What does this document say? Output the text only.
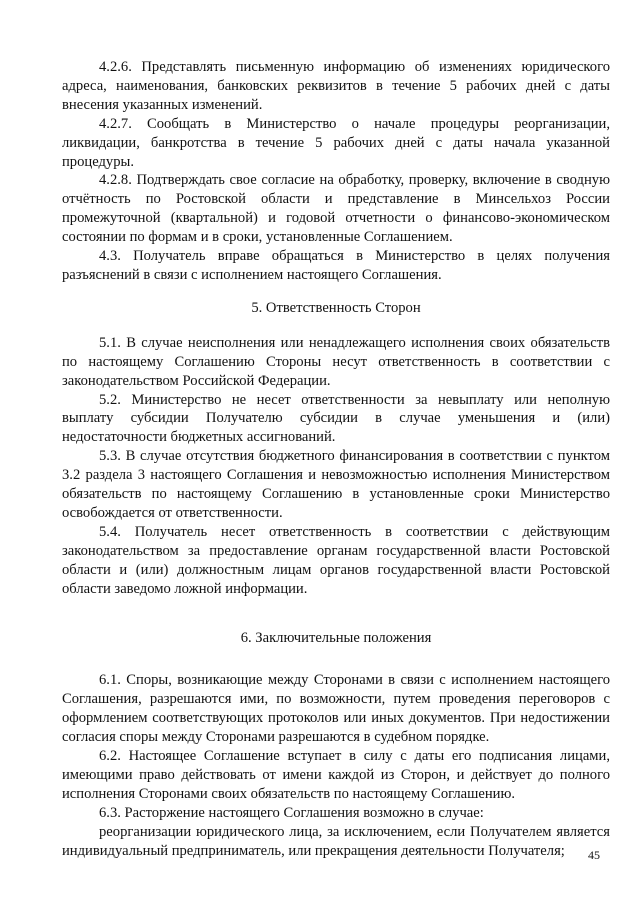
4.2.6. Представлять письменную информацию об изменениях юридического адреса, наименования, банковских реквизитов в течение 5 рабочих дней с даты внесения указанных изменений.

4.2.7. Сообщать в Министерство о начале процедуры реорганизации, ликвидации, банкротства в течение 5 рабочих дней с даты начала указанной процедуры.

4.2.8. Подтверждать свое согласие на обработку, проверку, включение в сводную отчётность по Ростовской области и представление в Минсельхоз России промежуточной (квартальной) и годовой отчетности о финансово-экономическом состоянии по формам и в сроки, установленные Соглашением.

4.3. Получатель вправе обращаться в Министерство в целях получения разъяснений в связи с исполнением настоящего Соглашения.

5. Ответственность Сторон

5.1. В случае неисполнения или ненадлежащего исполнения своих обязательств по настоящему Соглашению Стороны несут ответственность в соответствии с законодательством Российской Федерации.

5.2. Министерство не несет ответственности за невыплату или неполную выплату субсидии Получателю субсидии в случае уменьшения и (или) недостаточности бюджетных ассигнований.

5.3. В случае отсутствия бюджетного финансирования в соответствии с пунктом 3.2 раздела 3 настоящего Соглашения и невозможностью исполнения Министерством обязательств по настоящему Соглашению в установленные сроки Министерство освобождается от ответственности.

5.4. Получатель несет ответственность в соответствии с действующим законодательством за предоставление органам государственной власти Ростовской области и (или) должностным лицам органов государственной власти Ростовской области заведомо ложной информации.

6. Заключительные положения

6.1. Споры, возникающие между Сторонами в связи с исполнением настоящего Соглашения, разрешаются ими, по возможности, путем проведения переговоров с оформлением соответствующих протоколов или иных документов. При недостижении согласия споры между Сторонами разрешаются в судебном порядке.

6.2. Настоящее Соглашение вступает в силу с даты его подписания лицами, имеющими право действовать от имени каждой из Сторон, и действует до полного исполнения Сторонами своих обязательств по настоящему Соглашению.

6.3. Расторжение настоящего Соглашения возможно в случае:

реорганизации юридического лица, за исключением, если Получателем является индивидуальный предприниматель, или прекращения деятельности Получателя;	45
